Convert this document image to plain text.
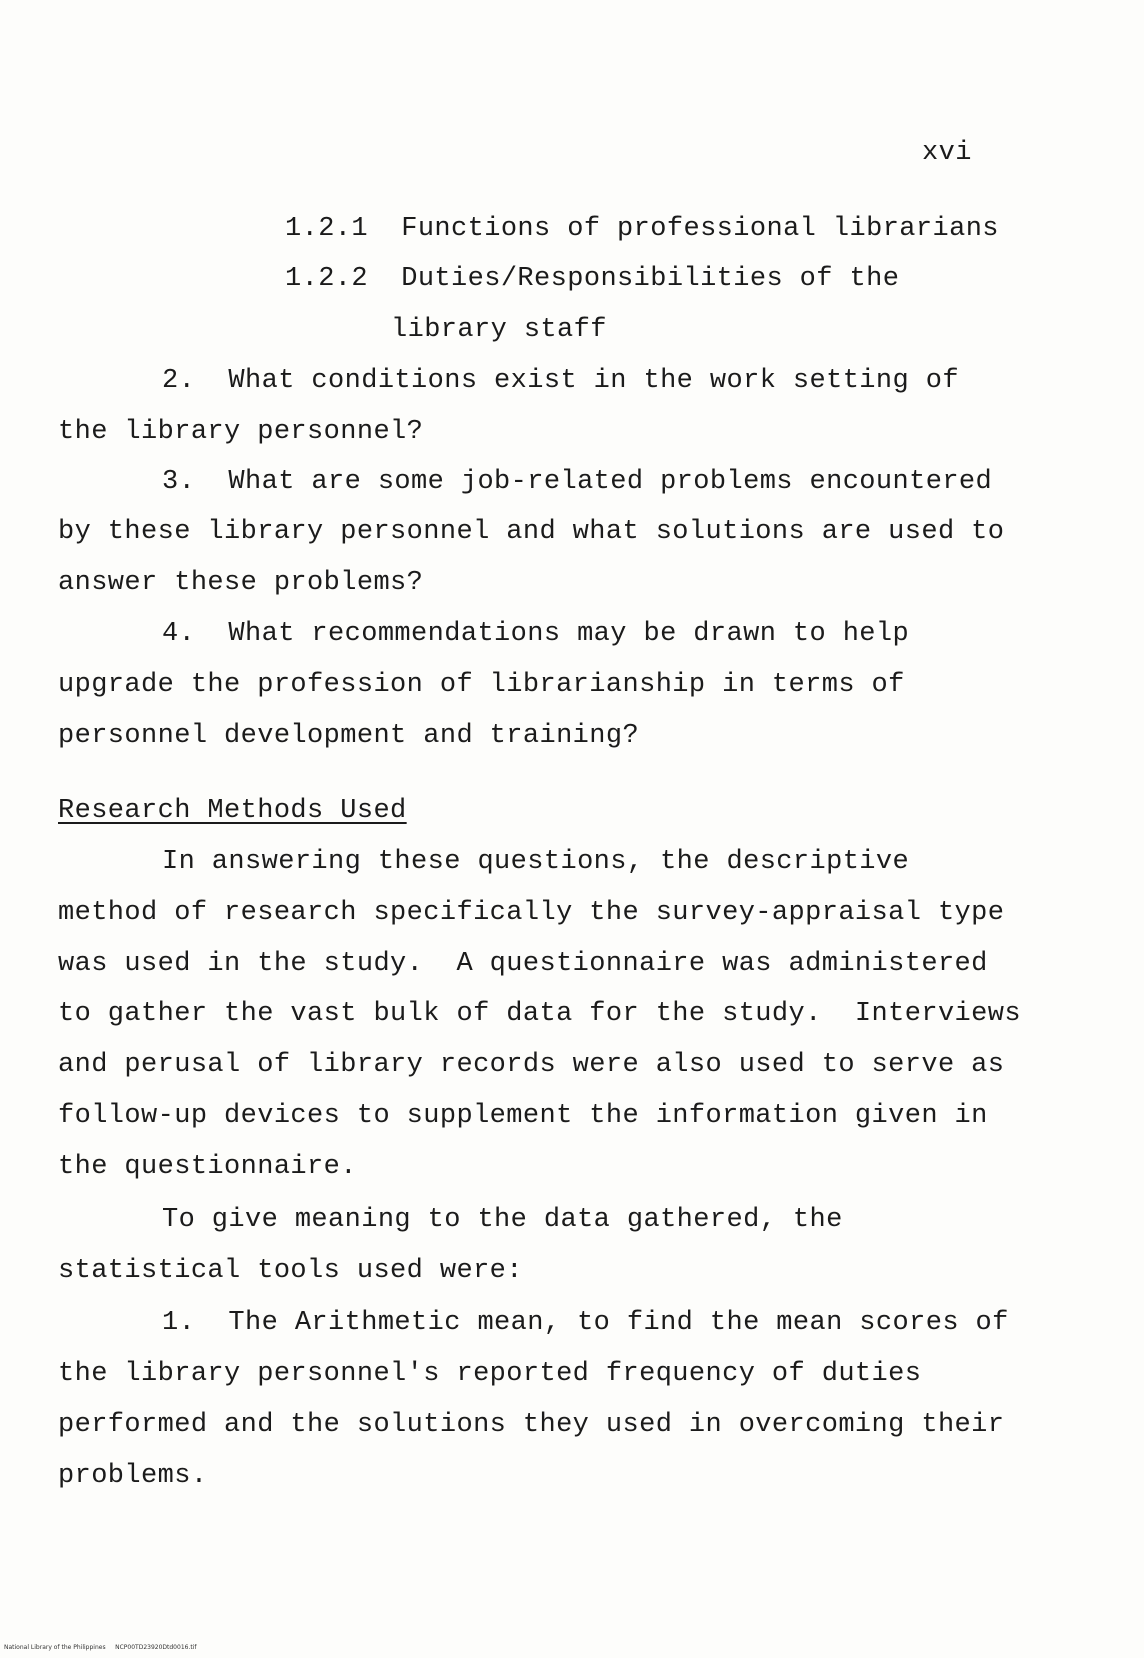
xvi
1.2.1  Functions of professional librarians
1.2.2  Duties/Responsibilities of the
library staff
2.  What conditions exist in the work setting of
the library personnel?
3.  What are some job-related problems encountered
by these library personnel and what solutions are used to
answer these problems?
4.  What recommendations may be drawn to help
upgrade the profession of librarianship in terms of
personnel development and training?
Research Methods Used
In answering these questions, the descriptive
method of research specifically the survey-appraisal type
was used in the study.  A questionnaire was administered
to gather the vast bulk of data for the study.  Interviews
and perusal of library records were also used to serve as
follow-up devices to supplement the information given in
the questionnaire.
To give meaning to the data gathered, the
statistical tools used were:
1.  The Arithmetic mean, to find the mean scores of
the library personnel's reported frequency of duties
performed and the solutions they used in overcoming their
problems.
National Library of the Philippines     NCP00TD23920Dtd0016.tif
